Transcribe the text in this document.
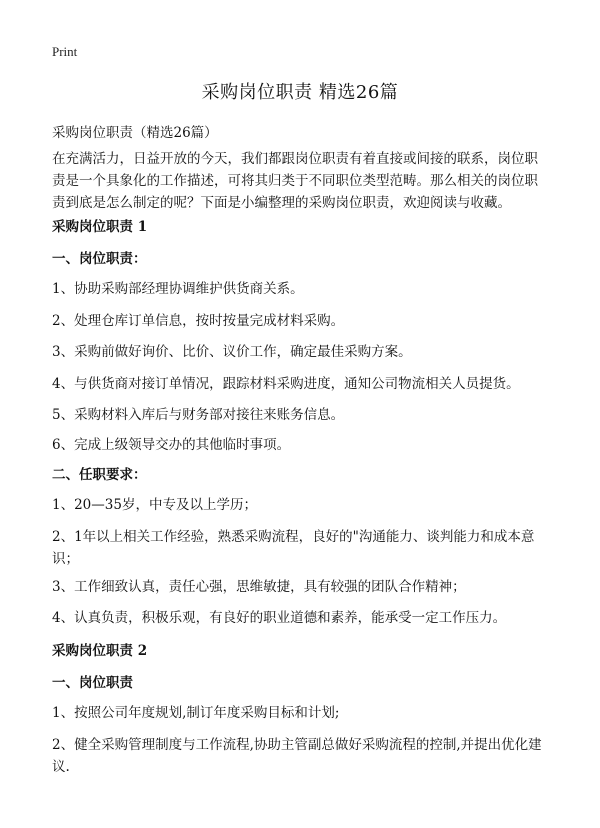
Print
采购岗位职责 精选26篇

采购岗位职责（精选26篇）

在充满活力，日益开放的今天，我们都跟岗位职责有着直接或间接的联系，岗位职责是一个具象化的工作描述，可将其归类于不同职位类型范畴。那么相关的岗位职责到底是怎么制定的呢？下面是小编整理的采购岗位职责，欢迎阅读与收藏。

采购岗位职责 1

一、岗位职责：

1、协助采购部经理协调维护供货商关系。

2、处理仓库订单信息，按时按量完成材料采购。

3、采购前做好询价、比价、议价工作，确定最佳采购方案。

4、与供货商对接订单情况，跟踪材料采购进度，通知公司物流相关人员提货。

5、采购材料入库后与财务部对接往来账务信息。

6、完成上级领导交办的其他临时事项。

二、任职要求：

1、20—35岁，中专及以上学历；

2、1年以上相关工作经验，熟悉采购流程，良好的"沟通能力、谈判能力和成本意识；

3、工作细致认真，责任心强，思维敏捷，具有较强的团队合作精神；

4、认真负责，积极乐观，有良好的职业道德和素养，能承受一定工作压力。

采购岗位职责 2

一、岗位职责

1、按照公司年度规划,制订年度采购目标和计划;

2、健全采购管理制度与工作流程,协助主管副总做好采购流程的控制,并提出优化建议.
